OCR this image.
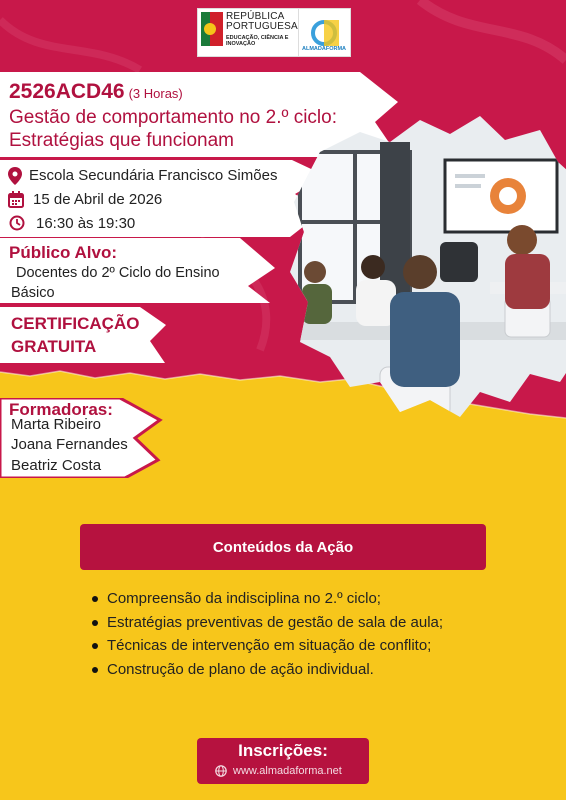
REPÚBLICA
PORTUGUESA
EDUCAÇÃO, CIÊNCIA E INOVAÇÃO
ALMADAFORMA
2526ACD46 (3 Horas)
Gestão de comportamento no 2.º ciclo:
Estratégias que funcionam
Escola Secundária Francisco Simões
15 de Abril de 2026
16:30 às 19:30
Público Alvo:
Docentes do 2º Ciclo do Ensino
Básico
CERTIFICAÇÃO
GRATUITA
Formadoras:
Marta Ribeiro
Joana Fernandes
Beatriz Costa
Conteúdos da Ação
Compreensão da indisciplina no 2.º ciclo;
Estratégias preventivas de gestão de sala de aula;
Técnicas de intervenção em situação de conflito;
Construção de plano de ação individual.
Inscrições:
www.almadaforma.net
